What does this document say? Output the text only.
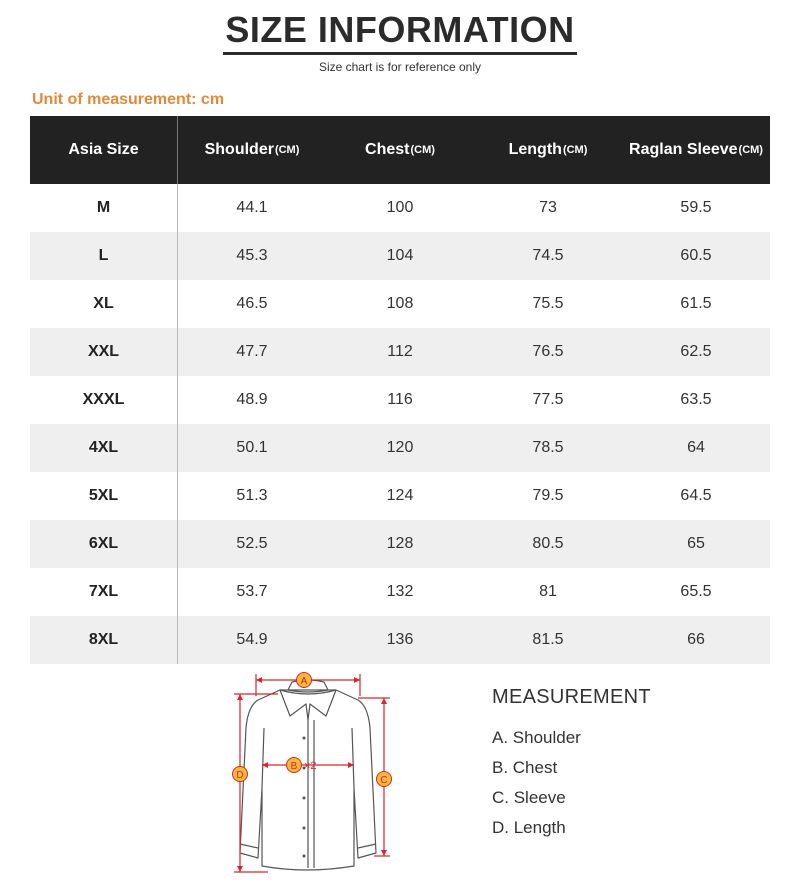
SIZE INFORMATION
Size chart is for reference only
Unit of measurement: cm
Asia Size	Shoulder (CM)	Chest (CM)	Length (CM)	Raglan Sleeve (CM)
M	44.1	100	73	59.5
L	45.3	104	74.5	60.5
XL	46.5	108	75.5	61.5
XXL	47.7	112	76.5	62.5
XXXL	48.9	116	77.5	63.5
4XL	50.1	120	78.5	64
5XL	51.3	124	79.5	64.5
6XL	52.5	128	80.5	65
7XL	53.7	132	81	65.5
8XL	54.9	136	81.5	66
A
B ×2
C
D
MEASUREMENT
A. Shoulder
B. Chest
C. Sleeve
D. Length
